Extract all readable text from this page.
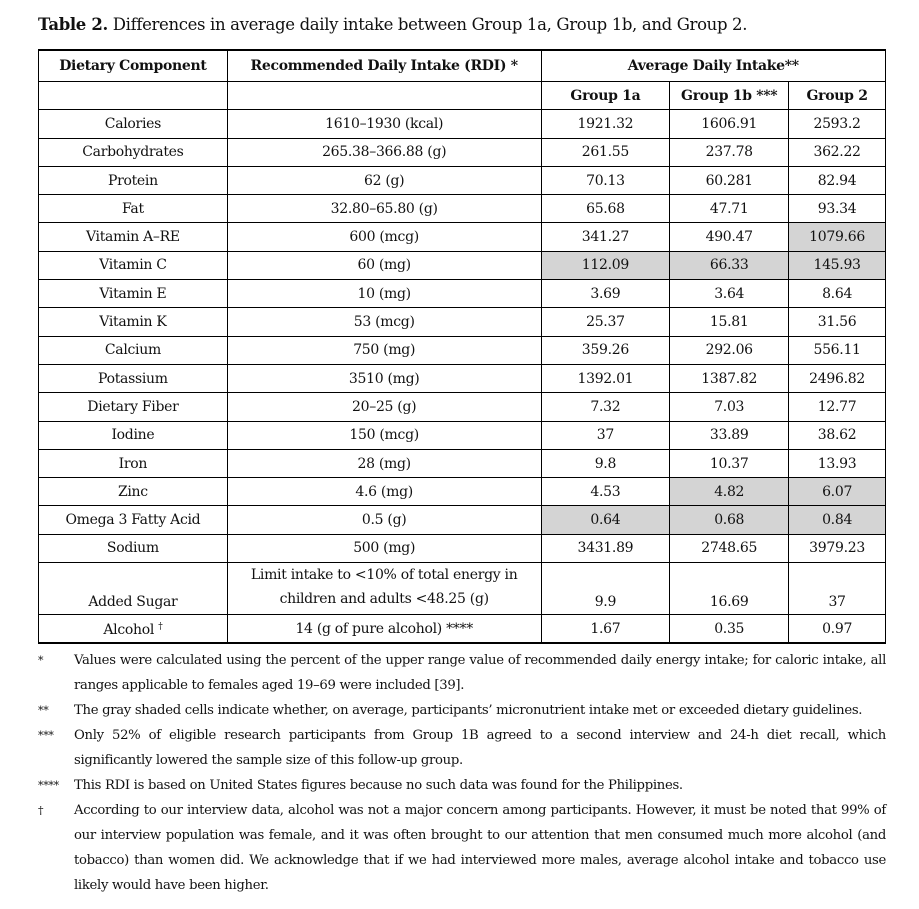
Table 2. Differences in average daily intake between Group 1a, Group 1b, and Group 2.
Dietary Component	Recommended Daily Intake (RDI) *	Average Daily Intake**		
		Group 1a	Group 1b ***	Group 2
Calories	1610–1930 (kcal)	1921.32	1606.91	2593.2
Carbohydrates	265.38–366.88 (g)	261.55	237.78	362.22
Protein	62 (g)	70.13	60.281	82.94
Fat	32.80–65.80 (g)	65.68	47.71	93.34
Vitamin A–RE	600 (mcg)	341.27	490.47	1079.66
Vitamin C	60 (mg)	112.09	66.33	145.93
Vitamin E	10 (mg)	3.69	3.64	8.64
Vitamin K	53 (mcg)	25.37	15.81	31.56
Calcium	750 (mg)	359.26	292.06	556.11
Potassium	3510 (mg)	1392.01	1387.82	2496.82
Dietary Fiber	20–25 (g)	7.32	7.03	12.77
Iodine	150 (mcg)	37	33.89	38.62
Iron	28 (mg)	9.8	10.37	13.93
Zinc	4.6 (mg)	4.53	4.82	6.07
Omega 3 Fatty Acid	0.5 (g)	0.64	0.68	0.84
Sodium	500 (mg)	3431.89	2748.65	3979.23
Added Sugar	Limit intake to <10% of total energy in children and adults <48.25 (g)	9.9	16.69	37
Alcohol †	14 (g of pure alcohol) ****	1.67	0.35	0.97
*	Values were calculated using the percent of the upper range value of recommended daily energy intake; for caloric intake, all ranges applicable to females aged 19–69 were included [39].
**	The gray shaded cells indicate whether, on average, participants’ micronutrient intake met or exceeded dietary guidelines.
***	Only 52% of eligible research participants from Group 1B agreed to a second interview and 24-h diet recall, which significantly lowered the sample size of this follow-up group.
****	This RDI is based on United States figures because no such data was found for the Philippines.
†	According to our interview data, alcohol was not a major concern among participants. However, it must be noted that 99% of our interview population was female, and it was often brought to our attention that men consumed much more alcohol (and tobacco) than women did. We acknowledge that if we had interviewed more males, average alcohol intake and tobacco use likely would have been higher.
